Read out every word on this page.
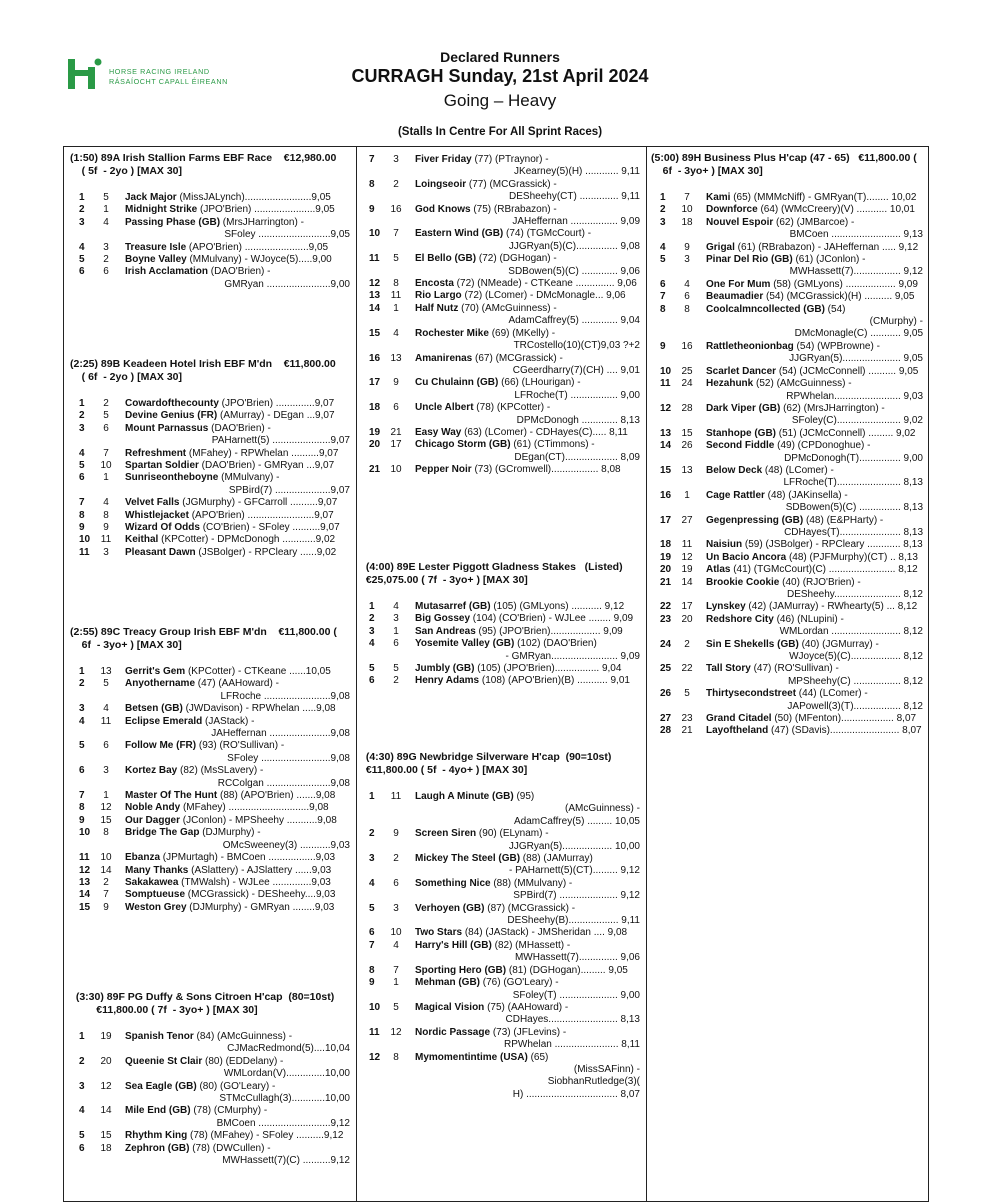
HORSE RACING IRELAND
RÁSAÍOCHT CAPALL ÉIREANN
Declared Runners
CURRAGH Sunday, 21st April 2024
Going – Heavy
(Stalls In Centre For All Sprint Races)
(1:50) 89A Irish Stallion Farms EBF Race    €12,980.00
( 5f  - 2yo ) [MAX 30]
1	5	Jack Major (MissJALynch)........................9,05
2	1	Midnight Strike (JPO'Brien) ......................9,05
3	4	Passing Phase (GB) (MrsJHarrington) -
SFoley ..........................9,05
4	3	Treasure Isle (APO'Brien) .......................9,05
5	2	Boyne Valley (MMulvany) - WJoyce(5).....9,00
6	6	Irish Acclamation (DAO'Brien) -
GMRyan .......................9,00
(2:25) 89B Keadeen Hotel Irish EBF M'dn    €11,800.00
( 6f  - 2yo ) [MAX 30]
1	2	Cowardofthecounty (JPO'Brien) ..............9,07
2	5	Devine Genius (FR) (AMurray) - DEgan ...9,07
3	6	Mount Parnassus (DAO'Brien) -
PAHarnett(5) .....................9,07
4	7	Refreshment (MFahey) - RPWhelan ..........9,07
5	10 Spartan Soldier (DAO'Brien) - GMRyan ...9,07
6	1	Sunriseontheboyne (MMulvany) -
SPBird(7) ....................9,07
7	4	Velvet Falls (JGMurphy) - GFCarroll ..........9,07
8	8	Whistlejacket (APO'Brien) ........................9,07
9	9	Wizard Of Odds (CO'Brien) - SFoley ..........9,07
10 11 Keithal (KPCotter) - DPMcDonogh ............9,02
11	3	Pleasant Dawn (JSBolger) - RPCleary ......9,02
(2:55) 89C Treacy Group Irish EBF M'dn    €11,800.00 (
6f  - 3yo+ ) [MAX 30]
1	13 Gerrit's Gem (KPCotter) - CTKeane ......10,05
2	5	Anyothername (47) (AAHoward) -
LFRoche ........................9,08
3	4	Betsen (GB) (JWDavison) - RPWhelan .....9,08
4	11 Eclipse Emerald (JAStack) -
JAHeffernan ......................9,08
5	6	Follow Me (FR) (93) (RO'Sullivan) -
SFoley .........................9,08
6	3	Kortez Bay (82) (MsSLavery) -
RCColgan .......................9,08
7	1	Master Of The Hunt (88) (APO'Brien) .......9,08
8	12 Noble Andy (MFahey) .............................9,08
9	15 Our Dagger (JConlon) - MPSheehy ...........9,08
10	8	Bridge The Gap (DJMurphy) -
OMcSweeney(3) ...........9,03
11 10 Ebanza (JPMurtagh) - BMCoen .................9,03
12 14 Many Thanks (ASlattery) - AJSlattery ......9,03
13	2	Sakakawea (TMWalsh) - WJLee ..............9,03
14	7	Somptueuse (MCGrassick) - DESheehy....9,03
15	9	Weston Grey (DJMurphy) - GMRyan ........9,03
(3:30) 89F PG Duffy & Sons Citroen H'cap  (80=10st)
€11,800.00 ( 7f  - 3yo+ ) [MAX 30]
1	19 Spanish Tenor (84) (AMcGuinness) -
CJMacRedmond(5)....10,04
2	20 Queenie St Clair (80) (EDDelany) -
WMLordan(V)..............10,00
3	12 Sea Eagle (GB) (80) (GO'Leary) -
STMcCullagh(3)............10,00
4	14 Mile End (GB) (78) (CMurphy) -
BMCoen ..........................9,12
5	15 Rhythm King (78) (MFahey) - SFoley ..........9,12
6	18 Zephron (GB) (78) (DWCullen) -
MWHassett(7)(C) ..........9,12
7	3	Fiver Friday (77) (PTraynor) -
JKearney(5)(H) ............ 9,11
8	2	Loingseoir (77) (MCGrassick) -
DESheehy(CT) .............. 9,11
9	16 God Knows (75) (RBrabazon) -
JAHeffernan ................. 9,09
10	7	Eastern Wind (GB) (74) (TGMcCourt) -
JJGRyan(5)(C)............... 9,08
11	5	El Bello (GB) (72) (DGHogan) -
SDBowen(5)(C) ............. 9,06
12	8	Encosta (72) (NMeade) - CTKeane .............. 9,06
13 11 Rio Largo (72) (LComer) - DMcMonagle... 9,06
14	1	Half Nutz (70) (AMcGuinness) -
AdamCaffrey(5) ............. 9,04
15	4	Rochester Mike (69) (MKelly) -
TRCostello(10)(CT)9,03 ?+2
16 13 Amanirenas (67) (MCGrassick) -
CGeerdharry(7)(CH) .... 9,01
17	9	Cu Chulainn (GB) (66) (LHourigan) -
LFRoche(T) ................. 9,00
18	6	Uncle Albert (78) (KPCotter) -
DPMcDonogh ............. 8,13
19 21 Easy Way (63) (LComer) - CDHayes(C)..... 8,11
20 17 Chicago Storm (GB) (61) (CTimmons) -
DEgan(CT)................... 8,09
21 10 Pepper Noir (73) (GCromwell)................. 8,08
(4:00) 89E Lester Piggott Gladness Stakes   (Listed)
€25,075.00 ( 7f  - 3yo+ ) [MAX 30]
1	4	Mutasarref (GB) (105) (GMLyons) ........... 9,12
2	3	Big Gossey (104) (CO'Brien) - WJLee ........ 9,09
3	1	San Andreas (95) (JPO'Brien).................. 9,09
4	6	Yosemite Valley (GB) (102) (DAO'Brien)
- GMRyan........................ 9,09
5	5	Jumbly (GB) (105) (JPO'Brien)................ 9,04
6	2	Henry Adams (108) (APO'Brien)(B) ........... 9,01
(4:30) 89G Newbridge Silverware H'cap  (90=10st)
€11,800.00 ( 5f  - 4yo+ ) [MAX 30]
1	11 Laugh A Minute (GB) (95)
(AMcGuinness) -
AdamCaffrey(5) ......... 10,05
2	9	Screen Siren (90) (ELynam) -
JJGRyan(5).................. 10,00
3	2	Mickey The Steel (GB) (88) (JAMurray)
- PAHarnett(5)(CT)......... 9,12
4	6	Something Nice (88) (MMulvany) -
SPBird(7) ..................... 9,12
5	3	Verhoyen (GB) (87) (MCGrassick) -
DESheehy(B).................. 9,11
6	10 Two Stars (84) (JAStack) - JMSheridan .... 9,08
7	4	Harry's Hill (GB) (82) (MHassett) -
MWHassett(7).............. 9,06
8	7	Sporting Hero (GB) (81) (DGHogan)......... 9,05
9	1	Mehman (GB) (76) (GO'Leary) -
SFoley(T) ..................... 9,00
10	5	Magical Vision (75) (AAHoward) -
CDHayes......................... 8,13
11 12 Nordic Passage (73) (JFLevins) -
RPWhelan ....................... 8,11
12	8	Mymomentintime (USA) (65)
(MissSAFinn) -
SiobhanRutledge(3)(
H) ................................. 8,07
(5:00) 89H Business Plus H'cap (47 - 65)   €11,800.00 (
6f  - 3yo+ ) [MAX 30]
1	7	Kami (65) (MMMcNiff) - GMRyan(T)........ 10,02
2	10 Downforce (64) (WMcCreery)(V) ........... 10,01
3	18 Nouvel Espoir (62) (JMBarcoe) -
BMCoen ......................... 9,13
4	9	Grigal (61) (RBrabazon) - JAHeffernan ..... 9,12
5	3	Pinar Del Rio (GB) (61) (JConlon) -
MWHassett(7)................. 9,12
6	4	One For Mum (58) (GMLyons) .................. 9,09
7	6	Beaumadier (54) (MCGrassick)(H) .......... 9,05
8	8	Coolcalmncollected (GB) (54)
(CMurphy) -
DMcMonagle(C) ........... 9,05
9	16 Rattletheonionbag (54) (WPBrowne) -
JJGRyan(5)..................... 9,05
10 25 Scarlet Dancer (54) (JCMcConnell) .......... 9,05
11 24 Hezahunk (52) (AMcGuinness) -
RPWhelan........................ 9,03
12 28 Dark Viper (GB) (62) (MrsJHarrington) -
SFoley(C)....................... 9,02
13 15 Stanhope (GB) (51) (JCMcConnell) ......... 9,02
14 26 Second Fiddle (49) (CPDonoghue) -
DPMcDonogh(T)............... 9,00
15 13 Below Deck (48) (LComer) -
LFRoche(T)....................... 8,13
16	1	Cage Rattler (48) (JAKinsella) -
SDBowen(5)(C) ............... 8,13
17 27 Gegenpressing (GB) (48) (E&PHarty) -
CDHayes(T)...................... 8,13
18 11 Naisiun (59) (JSBolger) - RPCleary ............ 8,13
19 12 Un Bacio Ancora (48) (PJFMurphy)(CT) .. 8,13
20 19 Atlas (41) (TGMcCourt)(C) ........................ 8,12
21 14 Brookie Cookie (40) (RJO'Brien) -
DESheehy........................ 8,12
22 17 Lynskey (42) (JAMurray) - RWhearty(5) ... 8,12
23 20 Redshore City (46) (NLupini) -
WMLordan ......................... 8,12
24	2	Sin E Shekells (GB) (40) (JGMurray) -
WJoyce(5)(C).................. 8,12
25 22 Tall Story (47) (RO'Sullivan) -
MPSheehy(C) ................. 8,12
26	5	Thirtysecondstreet (44) (LComer) -
JAPowell(3)(T)................. 8,12
27 23 Grand Citadel (50) (MFenton)................... 8,07
28 21 Layoftheland (47) (SDavis)......................... 8,07
